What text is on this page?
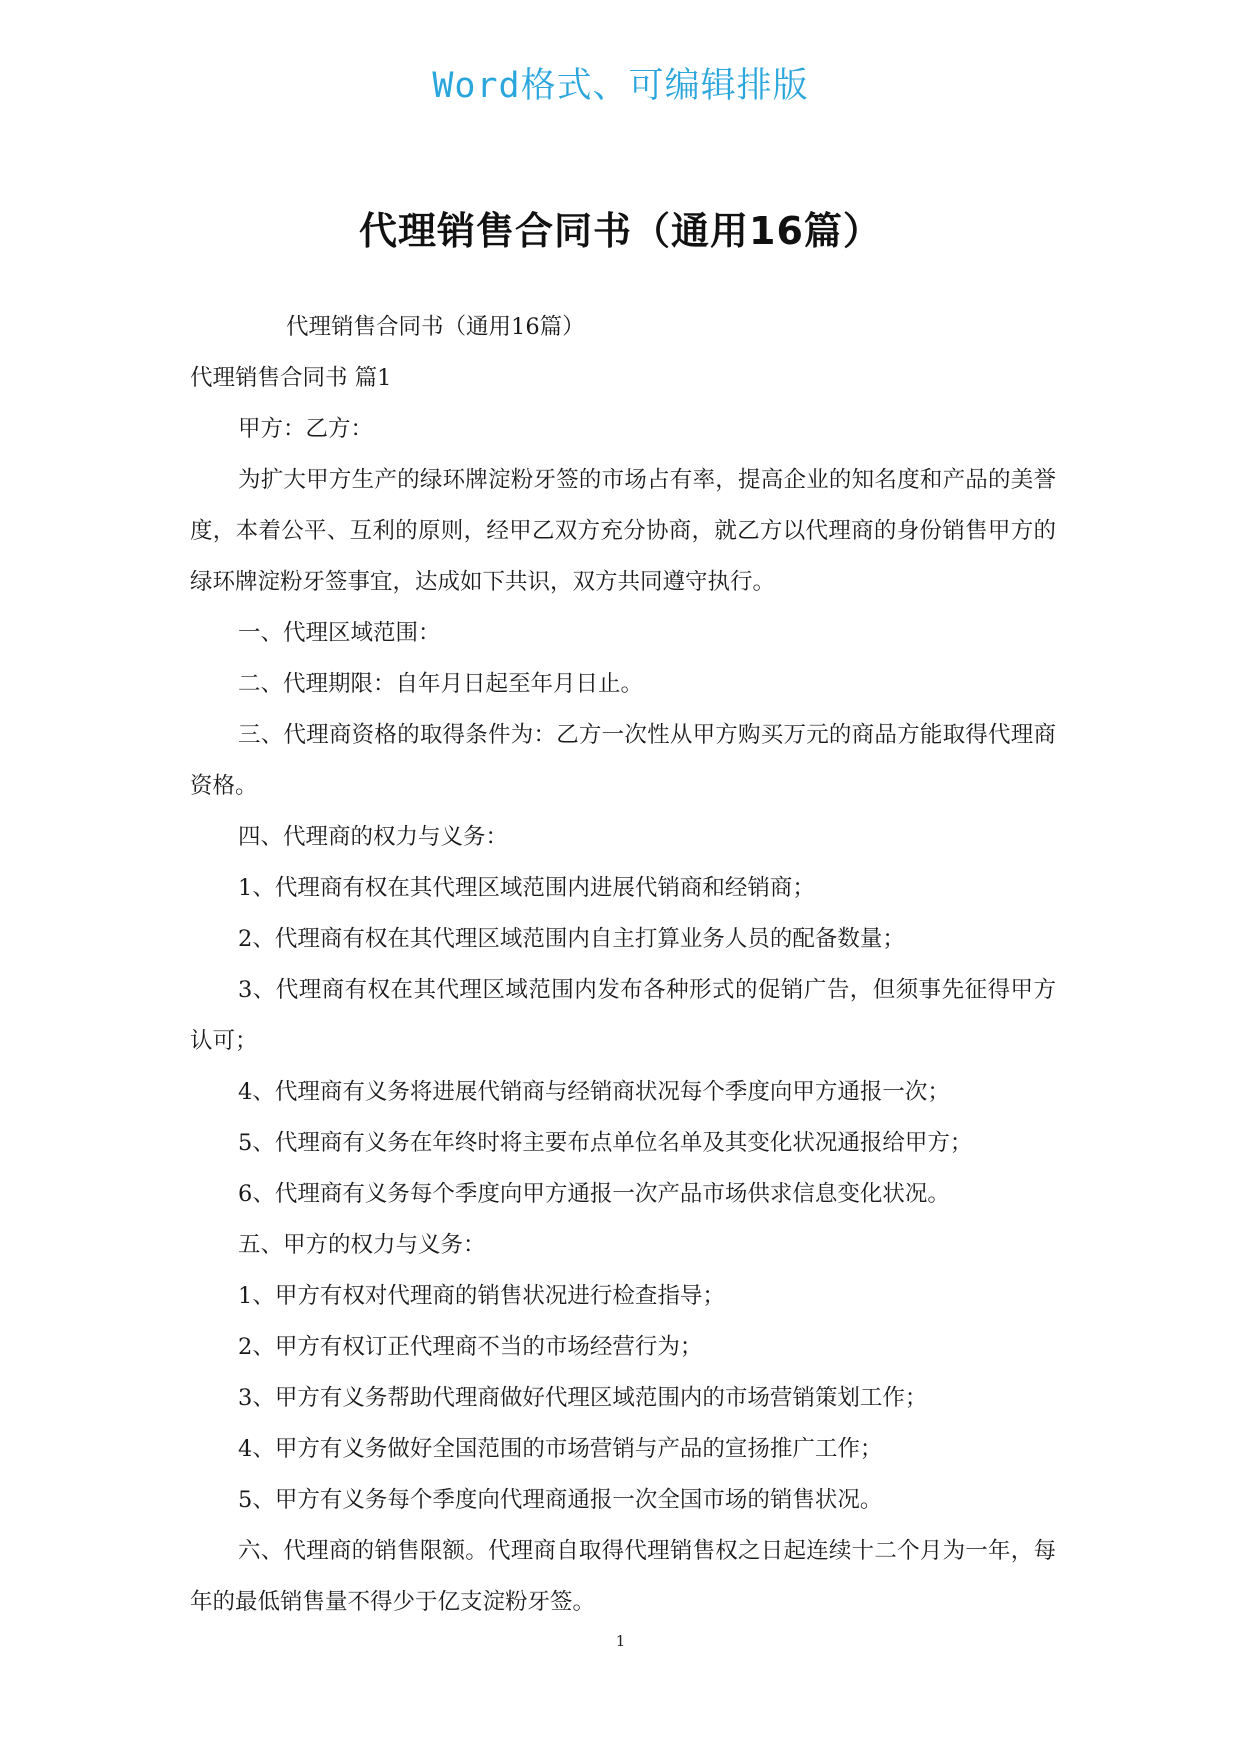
Word格式、可编辑排版
代理销售合同书（通用16篇）

代理销售合同书（通用16篇）

代理销售合同书 篇1

甲方：乙方：

为扩大甲方生产的绿环牌淀粉牙签的市场占有率，提高企业的知名度和产品的美誉度，本着公平、互利的原则，经甲乙双方充分协商，就乙方以代理商的身份销售甲方的绿环牌淀粉牙签事宜，达成如下共识，双方共同遵守执行。

一、代理区域范围：

二、代理期限：自年月日起至年月日止。

三、代理商资格的取得条件为：乙方一次性从甲方购买万元的商品方能取得代理商资格。

四、代理商的权力与义务：

1、代理商有权在其代理区域范围内进展代销商和经销商；

2、代理商有权在其代理区域范围内自主打算业务人员的配备数量；

3、代理商有权在其代理区域范围内发布各种形式的促销广告，但须事先征得甲方认可；

4、代理商有义务将进展代销商与经销商状况每个季度向甲方通报一次；

5、代理商有义务在年终时将主要布点单位名单及其变化状况通报给甲方；

6、代理商有义务每个季度向甲方通报一次产品市场供求信息变化状况。

五、甲方的权力与义务：

1、甲方有权对代理商的销售状况进行检查指导；

2、甲方有权订正代理商不当的市场经营行为；

3、甲方有义务帮助代理商做好代理区域范围内的市场营销策划工作；

4、甲方有义务做好全国范围的市场营销与产品的宣扬推广工作；

5、甲方有义务每个季度向代理商通报一次全国市场的销售状况。

六、代理商的销售限额。代理商自取得代理销售权之日起连续十二个月为一年，每年的最低销售量不得少于亿支淀粉牙签。

1
